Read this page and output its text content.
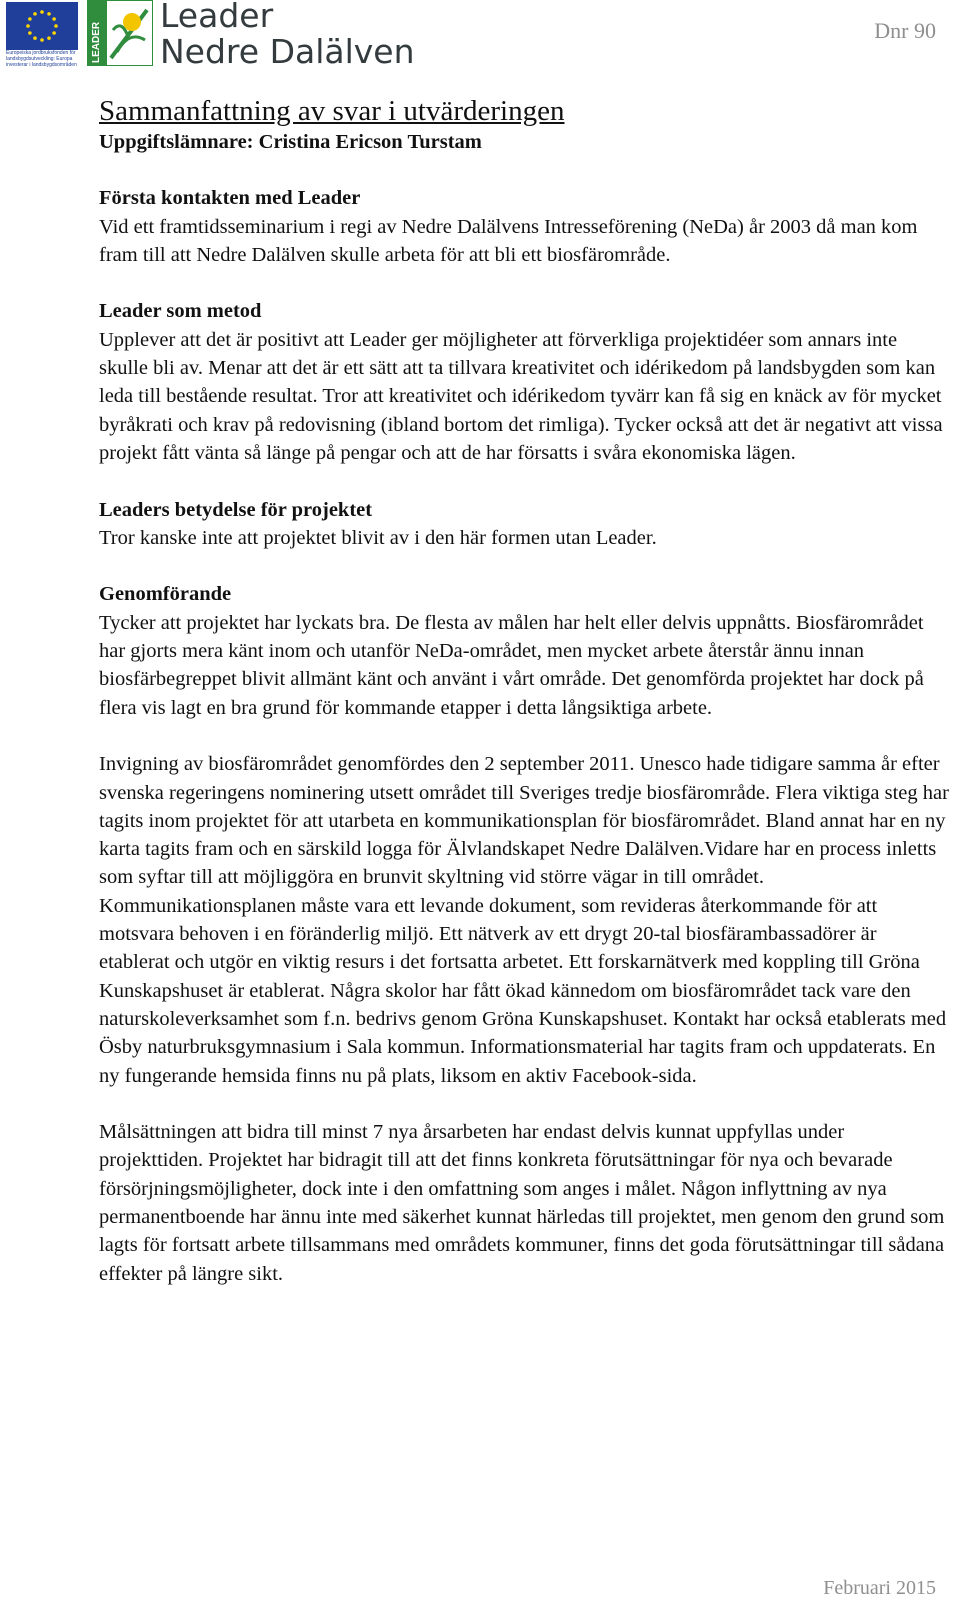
Europeiska jordbruksfonden för landsbygdsutveckling: Europa investerar i landsbygdsområden
LEADER
Leader
Nedre Dalälven
Dnr 90
Sammanfattning av svar i utvärderingen

Uppgiftslämnare: Cristina Ericson Turstam

Första kontakten med Leader

Vid ett framtidsseminarium i regi av Nedre Dalälvens Intresseförening (NeDa) år 2003 då man kom fram till att Nedre Dalälven skulle arbeta för att bli ett biosfärområde.

Leader som metod

Upplever att det är positivt att Leader ger möjligheter att förverkliga projektidéer som annars inte skulle bli av. Menar att det är ett sätt att ta tillvara kreativitet och idérikedom på landsbygden som kan leda till bestående resultat. Tror att kreativitet och idérikedom tyvärr kan få sig en knäck av för mycket byråkrati och krav på redovisning (ibland bortom det rimliga). Tycker också att det är negativt att vissa projekt fått vänta så länge på pengar och att de har försatts i svåra ekonomiska lägen.

Leaders betydelse för projektet

Tror kanske inte att projektet blivit av i den här formen utan Leader.

Genomförande

Tycker att projektet har lyckats bra. De flesta av målen har helt eller delvis uppnåtts. Biosfärområdet har gjorts mera känt inom och utanför NeDa-området, men mycket arbete återstår ännu innan biosfärbegreppet blivit allmänt känt och använt i vårt område. Det genomförda projektet har dock på flera vis lagt en bra grund för kommande etapper i detta långsiktiga arbete.

Invigning av biosfärområdet genomfördes den 2 september 2011. Unesco hade tidigare samma år efter svenska regeringens nominering utsett området till Sveriges tredje biosfärområde. Flera viktiga steg har tagits inom projektet för att utarbeta en kommunikationsplan för biosfärområdet. Bland annat har en ny karta tagits fram och en särskild logga för Älvlandskapet Nedre Dalälven.Vidare har en process inletts som syftar till att möjliggöra en brunvit skyltning vid större vägar in till området. Kommunikationsplanen måste vara ett levande dokument, som revideras återkommande för att motsvara behoven i en föränderlig miljö. Ett nätverk av ett drygt 20-tal biosfärambassadörer är etablerat och utgör en viktig resurs i det fortsatta arbetet. Ett forskarnätverk med koppling till Gröna Kunskapshuset är etablerat. Några skolor har fått ökad kännedom om biosfärområdet tack vare den naturskoleverksamhet som f.n. bedrivs genom Gröna Kunskapshuset. Kontakt har också etablerats med Ösby naturbruksgymnasium i Sala kommun. Informationsmaterial har tagits fram och uppdaterats. En ny fungerande hemsida finns nu på plats, liksom en aktiv Facebook-sida.

Målsättningen att bidra till minst 7 nya årsarbeten har endast delvis kunnat uppfyllas under projekttiden. Projektet har bidragit till att det finns konkreta förutsättningar för nya och bevarade försörjningsmöjligheter, dock inte i den omfattning som anges i målet. Någon inflyttning av nya permanentboende har ännu inte med säkerhet kunnat härledas till projektet, men genom den grund som lagts för fortsatt arbete tillsammans med områdets kommuner, finns det goda förutsättningar till sådana effekter på längre sikt.

Februari 2015
